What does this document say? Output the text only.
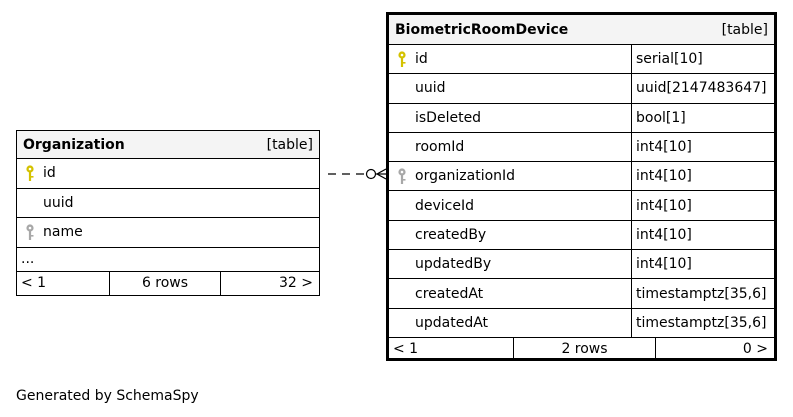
Organization	[table]
id
uuid
name
...
< 1	6 rows	32 >
BiometricRoomDevice	[table]
id	serial[10]
uuid	uuid[2147483647]
isDeleted	bool[1]
roomId	int4[10]
organizationId	int4[10]
deviceId	int4[10]
createdBy	int4[10]
updatedBy	int4[10]
createdAt	timestamptz[35,6]
updatedAt	timestamptz[35,6]
< 1	2 rows	0 >
Generated by SchemaSpy
